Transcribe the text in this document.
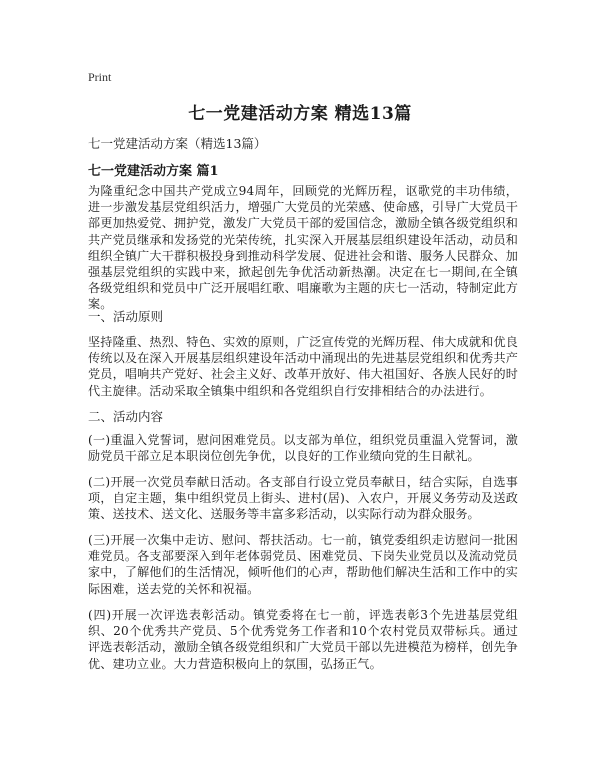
Print
七一党建活动方案 精选13篇
七一党建活动方案（精选13篇）
七一党建活动方案 篇1
为隆重纪念中国共产党成立94周年，回顾党的光辉历程，讴歌党的丰功伟绩，进一步激发基层党组织活力，增强广大党员的光荣感、使命感，引导广大党员干部更加热爱党、拥护党，激发广大党员干部的爱国信念，激励全镇各级党组织和共产党员继承和发扬党的光荣传统，扎实深入开展基层组织建设年活动，动员和组织全镇广大干群积极投身到推动科学发展、促进社会和谐、服务人民群众、加强基层党组织的实践中来，掀起创先争优活动新热潮。决定在七一期间,在全镇各级党组织和党员中广泛开展唱红歌、唱廉歌为主题的庆七一活动，特制定此方案。
一、活动原则
坚持隆重、热烈、特色、实效的原则，广泛宣传党的光辉历程、伟大成就和优良传统以及在深入开展基层组织建设年活动中涌现出的先进基层党组织和优秀共产党员，唱响共产党好、社会主义好、改革开放好、伟大祖国好、各族人民好的时代主旋律。活动采取全镇集中组织和各党组织自行安排相结合的办法进行。
二、活动内容
(一)重温入党誓词，慰问困难党员。以支部为单位，组织党员重温入党誓词，激励党员干部立足本职岗位创先争优，以良好的工作业绩向党的生日献礼。
(二)开展一次党员奉献日活动。各支部自行设立党员奉献日，结合实际，自选事项，自定主题，集中组织党员上街头、进村(居)、入农户，开展义务劳动及送政策、送技术、送文化、送服务等丰富多彩活动，以实际行动为群众服务。
(三)开展一次集中走访、慰问、帮扶活动。七一前，镇党委组织走访慰问一批困难党员。各支部要深入到年老体弱党员、困难党员、下岗失业党员以及流动党员家中，了解他们的生活情况，倾听他们的心声，帮助他们解决生活和工作中的实际困难，送去党的关怀和祝福。
(四)开展一次评选表彰活动。镇党委将在七一前，评选表彰3个先进基层党组织、20个优秀共产党员、5个优秀党务工作者和10个农村党员双带标兵。通过评选表彰活动，激励全镇各级党组织和广大党员干部以先进模范为榜样，创先争优、建功立业。大力营造积极向上的氛围，弘扬正气。
